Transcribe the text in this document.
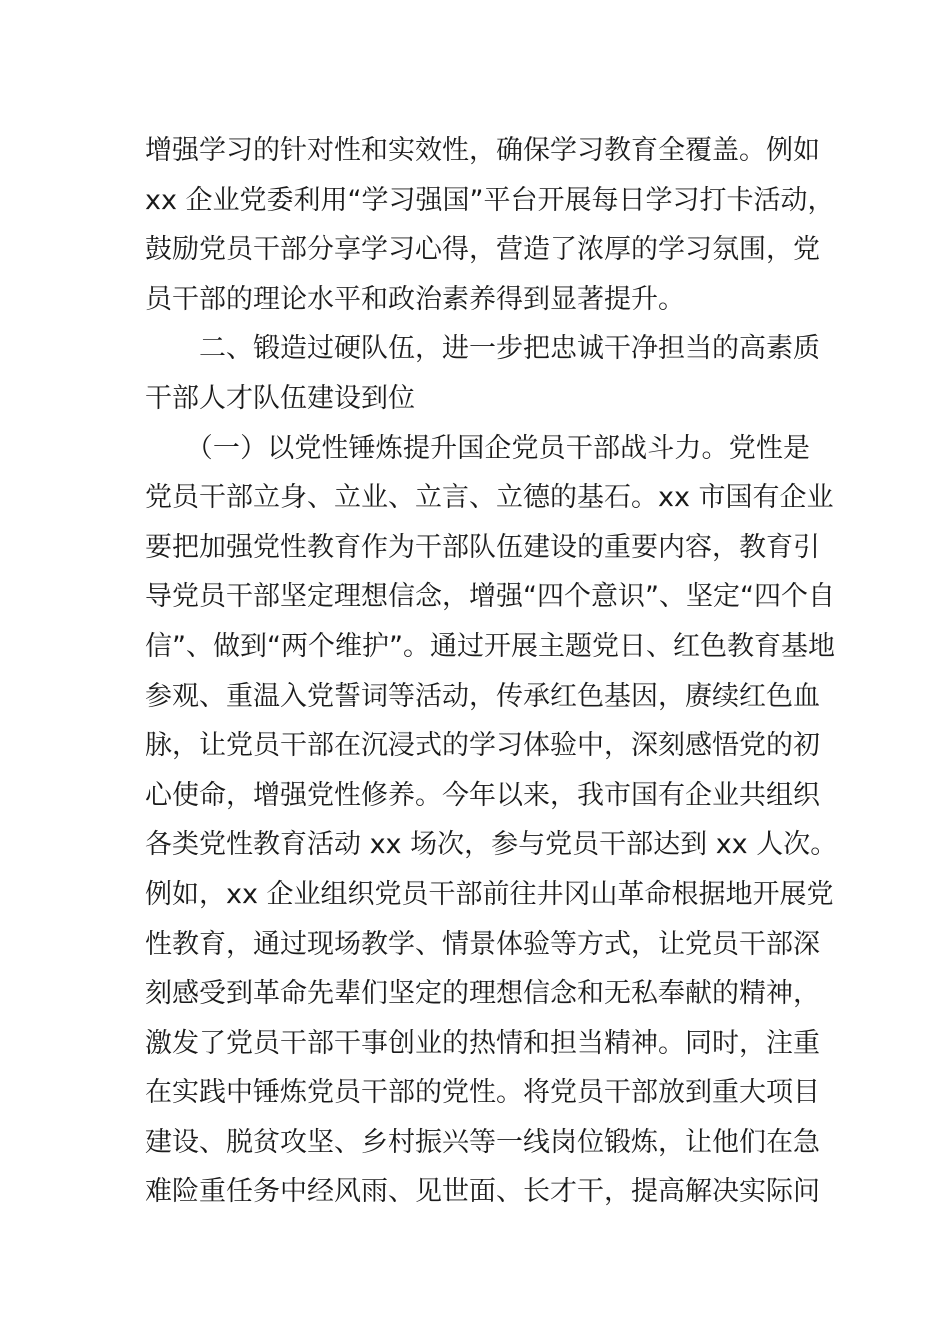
增强学习的针对性和实效性，确保学习教育全覆盖。例如
xx 企业党委利用“学习强国”平台开展每日学习打卡活动，
鼓励党员干部分享学习心得，营造了浓厚的学习氛围，党
员干部的理论水平和政治素养得到显著提升。
　　二、锻造过硬队伍，进一步把忠诚干净担当的高素质
干部人才队伍建设到位
　　（一）以党性锤炼提升国企党员干部战斗力。党性是
党员干部立身、立业、立言、立德的基石。xx 市国有企业
要把加强党性教育作为干部队伍建设的重要内容，教育引
导党员干部坚定理想信念，增强“四个意识”、坚定“四个自
信”、做到“两个维护”。通过开展主题党日、红色教育基地
参观、重温入党誓词等活动，传承红色基因，赓续红色血
脉，让党员干部在沉浸式的学习体验中，深刻感悟党的初
心使命，增强党性修养。今年以来，我市国有企业共组织
各类党性教育活动 xx 场次，参与党员干部达到 xx 人次。
例如，xx 企业组织党员干部前往井冈山革命根据地开展党
性教育，通过现场教学、情景体验等方式，让党员干部深
刻感受到革命先辈们坚定的理想信念和无私奉献的精神，
激发了党员干部干事创业的热情和担当精神。同时，注重
在实践中锤炼党员干部的党性。将党员干部放到重大项目
建设、脱贫攻坚、乡村振兴等一线岗位锻炼，让他们在急
难险重任务中经风雨、见世面、长才干，提高解决实际问
